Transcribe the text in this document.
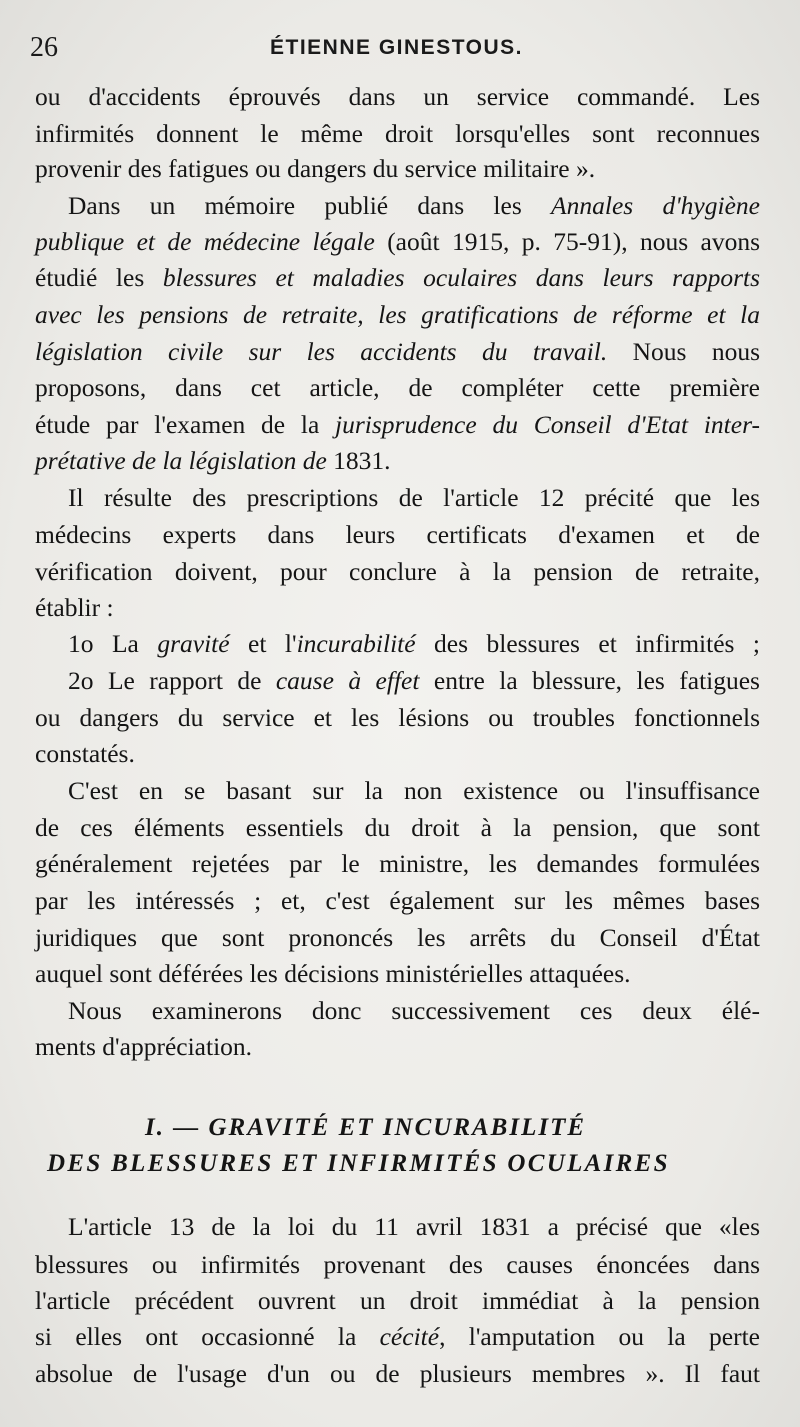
26	ÉTIENNE GINESTOUS.
ou d'accidents éprouvés dans un service commandé. Les
infirmités donnent le même droit lorsqu'elles sont reconnues
provenir des fatigues ou dangers du service militaire ».
Dans un mémoire publié dans les Annales d'hygiène
publique et de médecine légale (août 1915, p. 75-91), nous avons
étudié les blessures et maladies oculaires dans leurs rapports
avec les pensions de retraite, les gratifications de réforme et la
législation civile sur les accidents du travail. Nous nous
proposons, dans cet article, de compléter cette première
étude par l'examen de la jurisprudence du Conseil d'Etat inter-
prétative de la législation de 1831.
Il résulte des prescriptions de l'article 12 précité que les
médecins experts dans leurs certificats d'examen et de
vérification doivent, pour conclure à la pension de retraite,
établir :
1o La gravité et l'incurabilité des blessures et infirmités ;
2o Le rapport de cause à effet entre la blessure, les fatigues
ou dangers du service et les lésions ou troubles fonctionnels
constatés.
C'est en se basant sur la non existence ou l'insuffisance
de ces éléments essentiels du droit à la pension, que sont
généralement rejetées par le ministre, les demandes formulées
par les intéressés ; et, c'est également sur les mêmes bases
juridiques que sont prononcés les arrêts du Conseil d'État
auquel sont déférées les décisions ministérielles attaquées.
Nous examinerons donc successivement ces deux élé-
ments d'appréciation.
I. — GRAVITÉ ET INCURABILITÉ
DES BLESSURES ET INFIRMITÉS OCULAIRES
L'article 13 de la loi du 11 avril 1831 a précisé que «les
blessures ou infirmités provenant des causes énoncées dans
l'article précédent ouvrent un droit immédiat à la pension
si elles ont occasionné la cécité, l'amputation ou la perte
absolue de l'usage d'un ou de plusieurs membres ». Il faut
